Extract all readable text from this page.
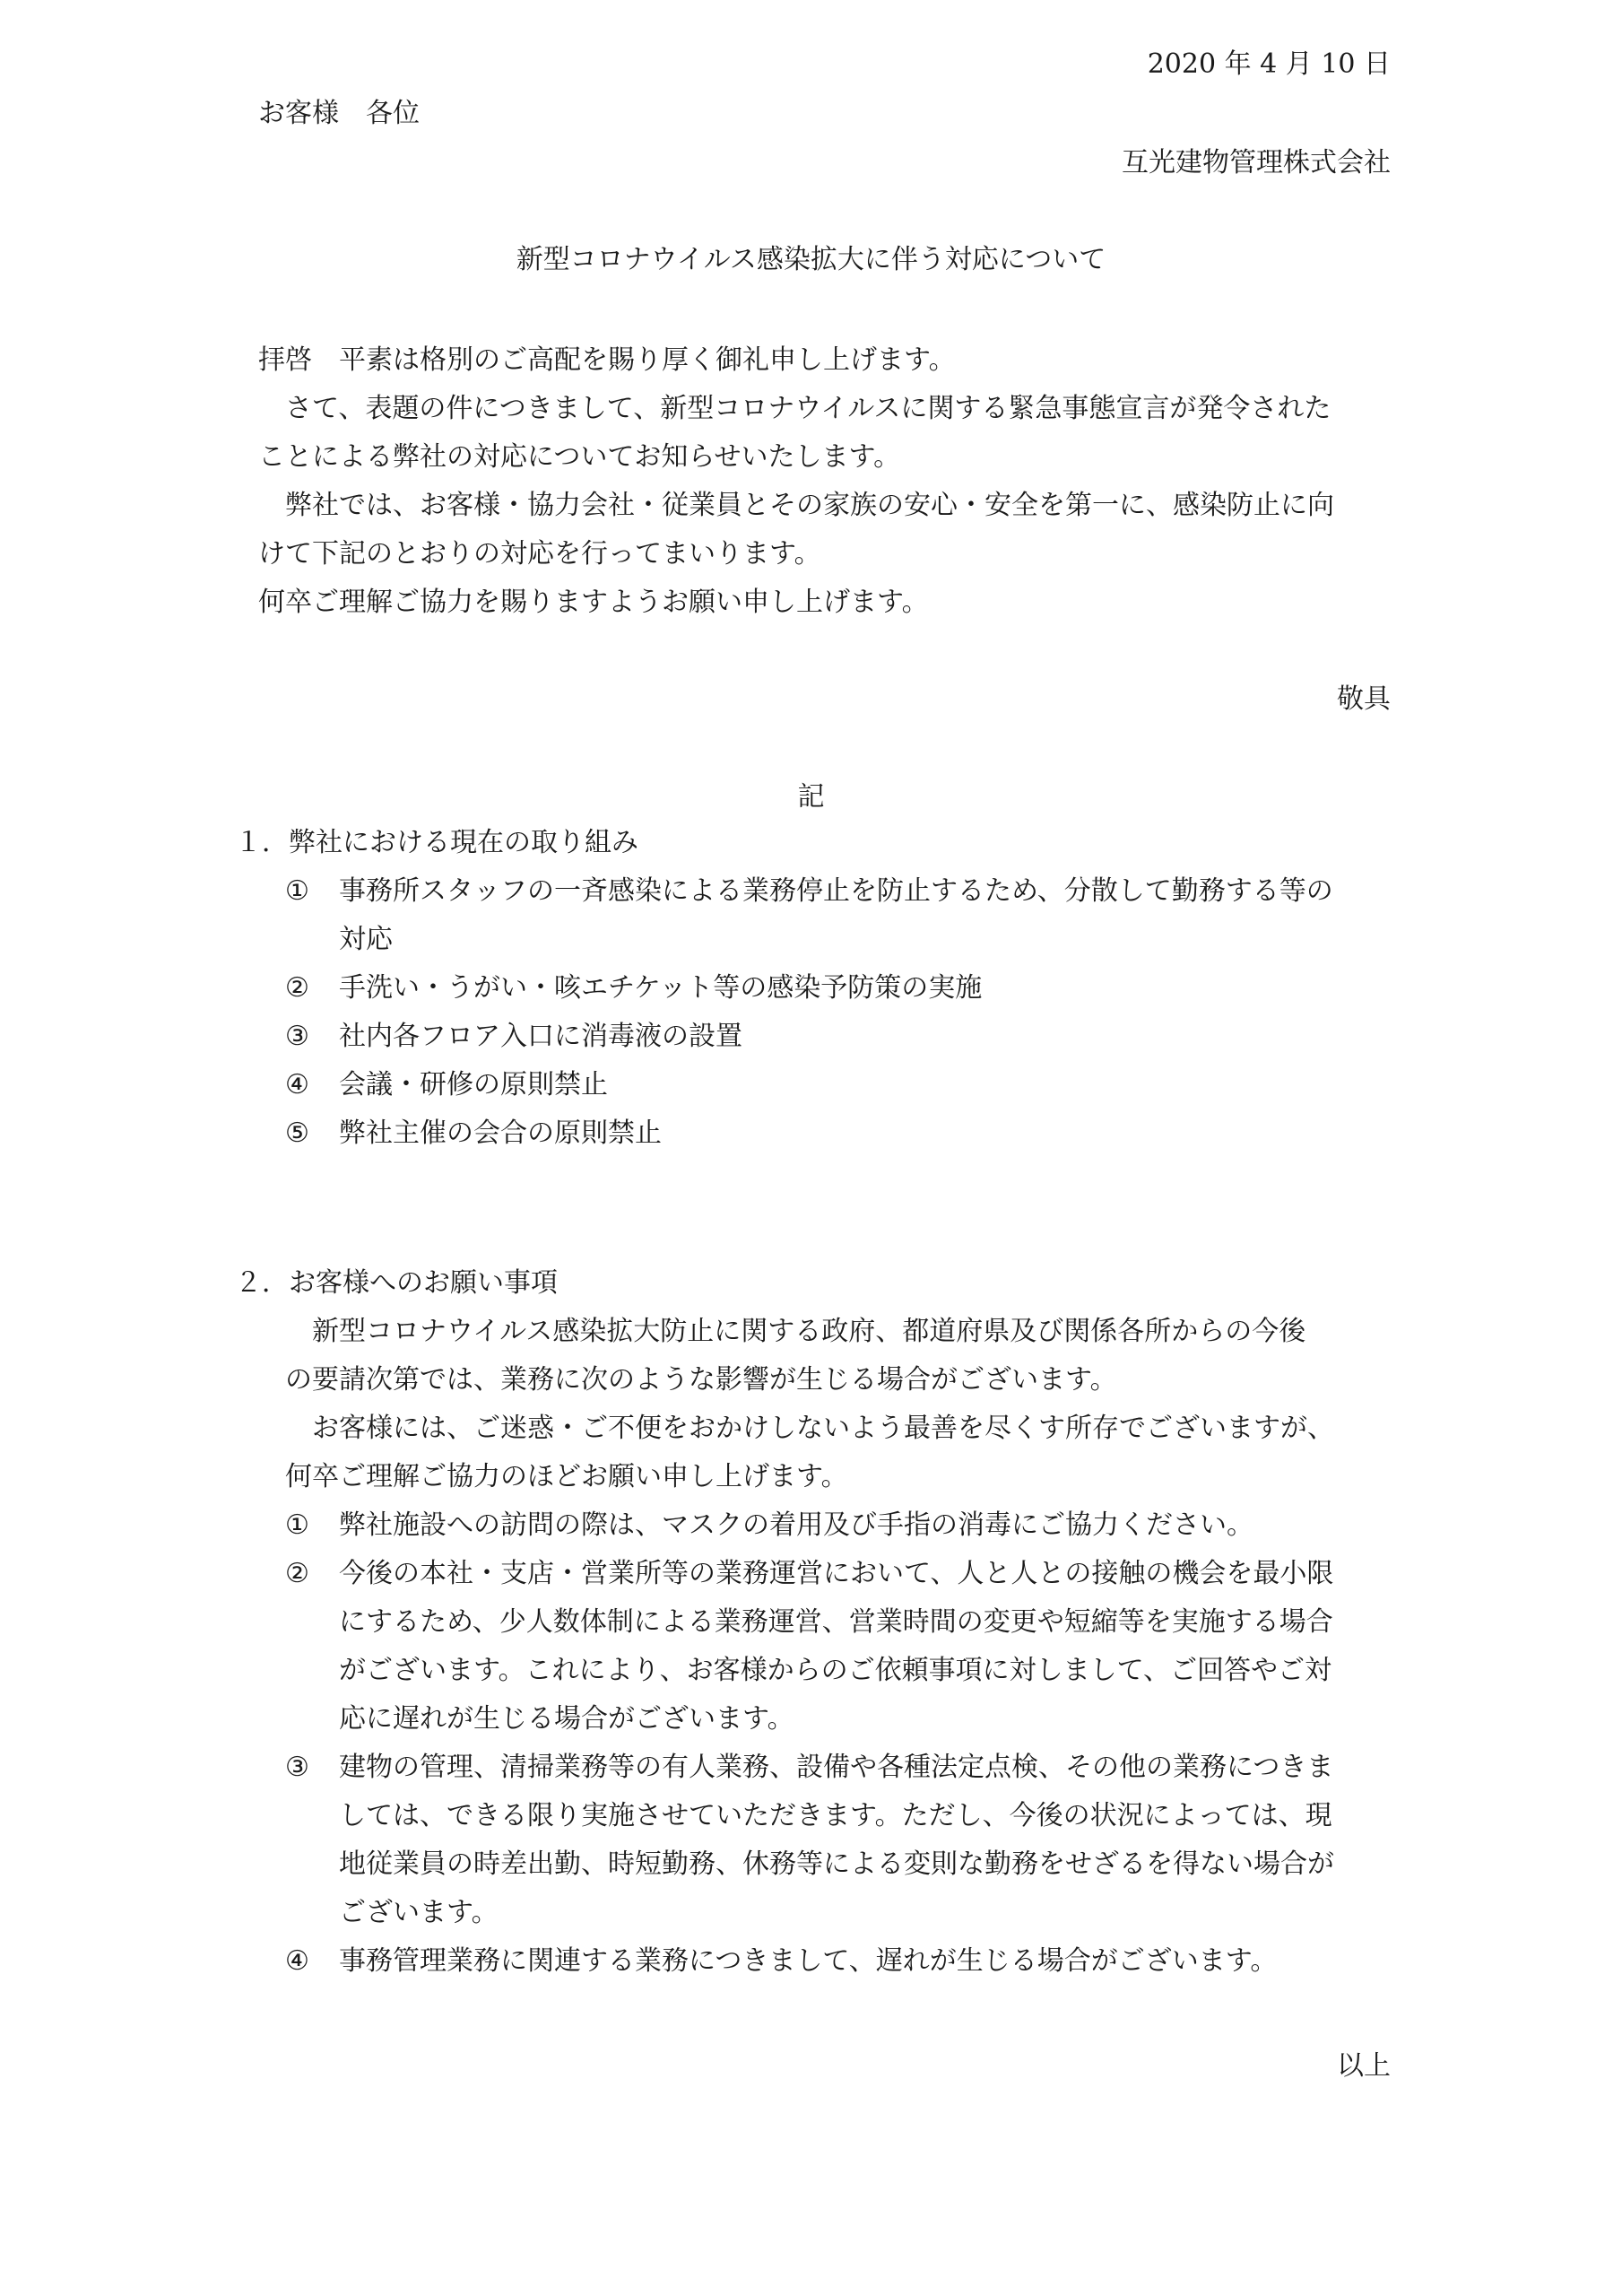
2020 年 4 月 10 日
お客様　各位
互光建物管理株式会社
新型コロナウイルス感染拡大に伴う対応について
拝啓　平素は格別のご高配を賜り厚く御礼申し上げます。
　さて、表題の件につきまして、新型コロナウイルスに関する緊急事態宣言が発令された
ことによる弊社の対応についてお知らせいたします。
　弊社では、お客様・協力会社・従業員とその家族の安心・安全を第一に、感染防止に向
けて下記のとおりの対応を行ってまいります。
何卒ご理解ご協力を賜りますようお願い申し上げます。
敬具
記
１．弊社における現在の取り組み
①	事務所スタッフの一斉感染による業務停止を防止するため、分散して勤務する等の
対応
②	手洗い・うがい・咳エチケット等の感染予防策の実施
③	社内各フロア入口に消毒液の設置
④	会議・研修の原則禁止
⑤	弊社主催の会合の原則禁止
２．お客様へのお願い事項
　新型コロナウイルス感染拡大防止に関する政府、都道府県及び関係各所からの今後
の要請次第では、業務に次のような影響が生じる場合がございます。
　お客様には、ご迷惑・ご不便をおかけしないよう最善を尽くす所存でございますが、
何卒ご理解ご協力のほどお願い申し上げます。
①	弊社施設への訪問の際は、マスクの着用及び手指の消毒にご協力ください。
②	今後の本社・支店・営業所等の業務運営において、人と人との接触の機会を最小限
にするため、少人数体制による業務運営、営業時間の変更や短縮等を実施する場合
がございます。これにより、お客様からのご依頼事項に対しまして、ご回答やご対
応に遅れが生じる場合がございます。
③	建物の管理、清掃業務等の有人業務、設備や各種法定点検、その他の業務につきま
しては、できる限り実施させていただきます。ただし、今後の状況によっては、現
地従業員の時差出勤、時短勤務、休務等による変則な勤務をせざるを得ない場合が
ございます。
④	事務管理業務に関連する業務につきまして、遅れが生じる場合がございます。
以上
